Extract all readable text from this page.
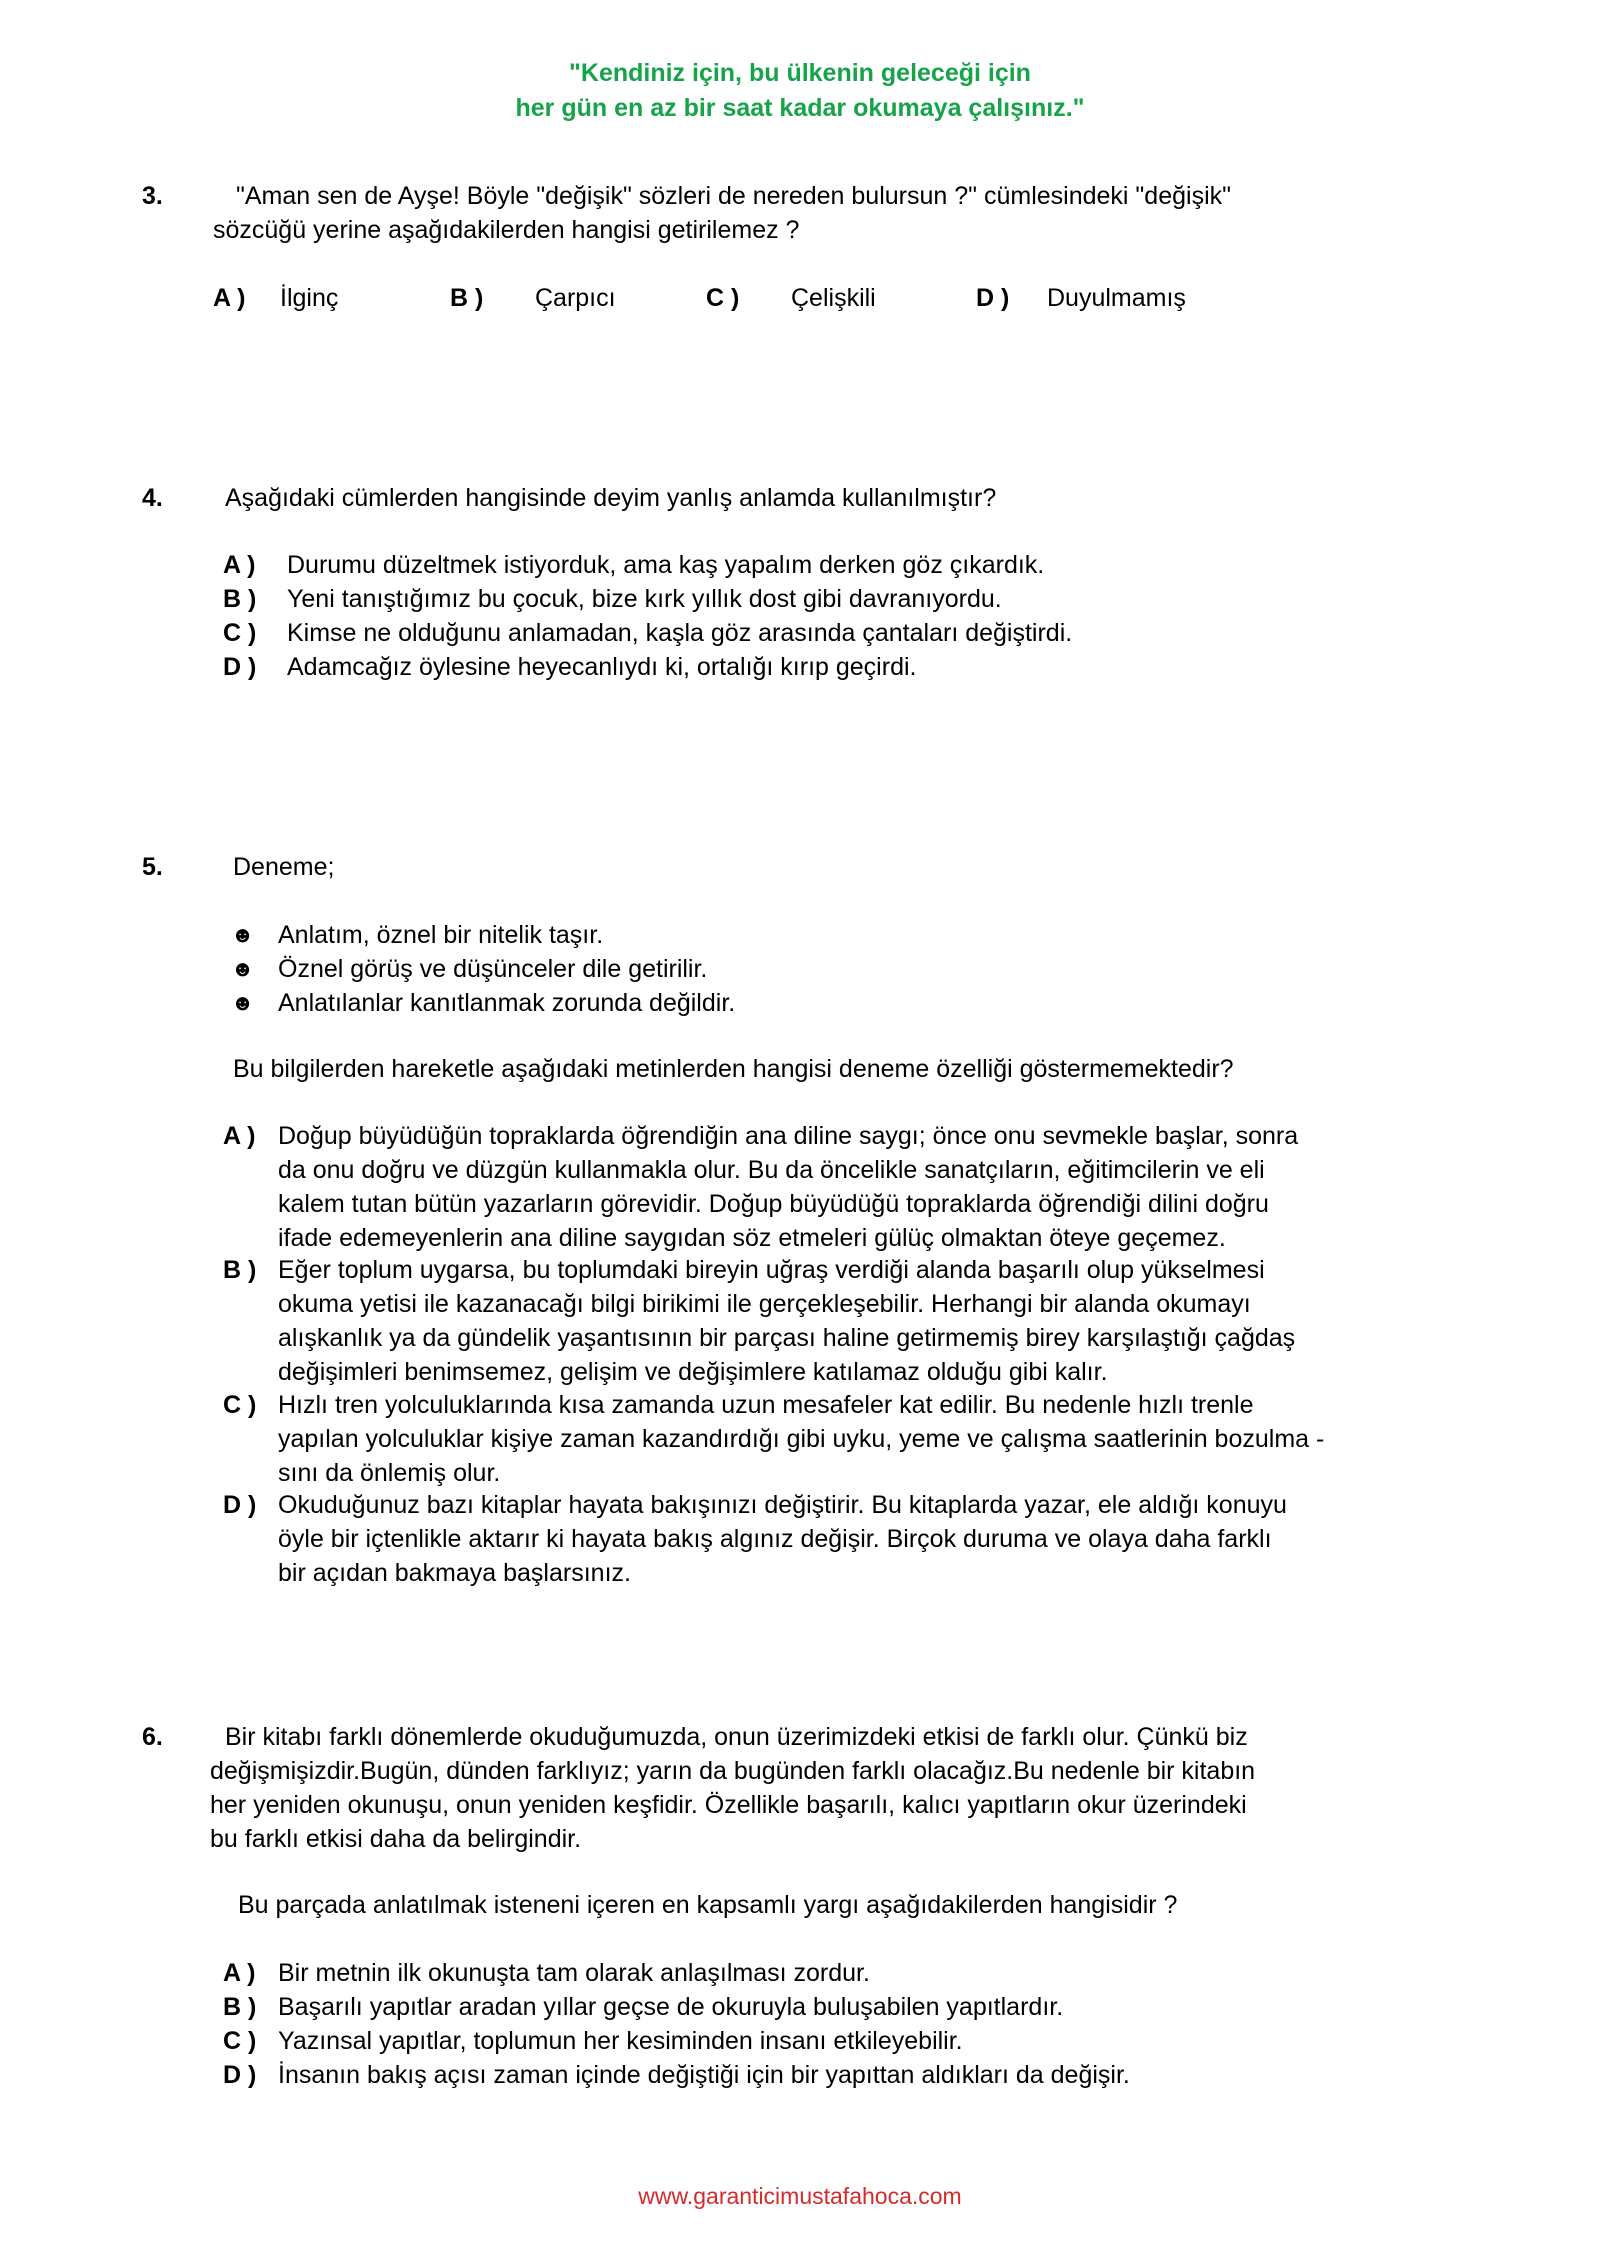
"Kendiniz için, bu ülkenin geleceği için
her gün en az bir saat kadar okumaya çalışınız."
3.	"Aman sen de Ayşe! Böyle "değişik" sözleri de nereden bulursun ?" cümlesindeki "değişik"
sözcüğü yerine aşağıdakilerden hangisi getirilemez ?
A ) İlginç	B ) Çarpıcı	C ) Çelişkili	D ) Duyulmamış
4. Aşağıdaki cümlerden hangisinde deyim yanlış anlamda kullanılmıştır?
A ) Durumu düzeltmek istiyorduk, ama kaş yapalım derken göz çıkardık.
B ) Yeni tanıştığımız bu çocuk, bize kırk yıllık dost gibi davranıyordu.
C ) Kimse ne olduğunu anlamadan, kaşla göz arasında çantaları değiştirdi.
D ) Adamcağız öylesine heyecanlıydı ki, ortalığı kırıp geçirdi.
5.	Deneme;
☻ Anlatım, öznel bir nitelik taşır.
☻ Öznel görüş ve düşünceler dile getirilir.
☻ Anlatılanlar kanıtlanmak zorunda değildir.
Bu bilgilerden hareketle aşağıdaki metinlerden hangisi deneme özelliği göstermemektedir?
A ) Doğup büyüdüğün topraklarda öğrendiğin ana diline saygı; önce onu sevmekle başlar, sonra
da onu doğru ve düzgün kullanmakla olur. Bu da öncelikle sanatçıların, eğitimcilerin ve eli
kalem tutan bütün yazarların görevidir. Doğup büyüdüğü topraklarda öğrendiği dilini doğru
ifade edemeyenlerin ana diline saygıdan söz etmeleri gülüç olmaktan öteye geçemez.
B ) Eğer toplum uygarsa, bu toplumdaki bireyin uğraş verdiği alanda başarılı olup yükselmesi
okuma yetisi ile kazanacağı bilgi birikimi ile gerçekleşebilir. Herhangi bir alanda okumayı
alışkanlık ya da gündelik yaşantısının bir parçası haline getirmemiş birey karşılaştığı çağdaş
değişimleri benimsemez, gelişim ve değişimlere katılamaz olduğu gibi kalır.
C ) Hızlı tren yolculuklarında kısa zamanda uzun mesafeler kat edilir. Bu nedenle hızlı trenle
yapılan yolculuklar kişiye zaman kazandırdığı gibi uyku, yeme ve çalışma saatlerinin bozulma -
sını da önlemiş olur.
D ) Okuduğunuz bazı kitaplar hayata bakışınızı değiştirir. Bu kitaplarda yazar, ele aldığı konuyu
öyle bir içtenlikle aktarır ki hayata bakış algınız değişir. Birçok duruma ve olaya daha farklı
bir açıdan bakmaya başlarsınız.
6. Bir kitabı farklı dönemlerde okuduğumuzda, onun üzerimizdeki etkisi de farklı olur. Çünkü biz
değişmişizdir.Bugün, dünden farklıyız; yarın da bugünden farklı olacağız.Bu nedenle bir kitabın
her yeniden okunuşu, onun yeniden keşfidir. Özellikle başarılı, kalıcı yapıtların okur üzerindeki
bu farklı etkisi daha da belirgindir.
Bu parçada anlatılmak isteneni içeren en kapsamlı yargı aşağıdakilerden hangisidir ?
A ) Bir metnin ilk okunuşta tam olarak anlaşılması zordur.
B ) Başarılı yapıtlar aradan yıllar geçse de okuruyla buluşabilen yapıtlardır.
C ) Yazınsal yapıtlar, toplumun her kesiminden insanı etkileyebilir.
D ) İnsanın bakış açısı zaman içinde değiştiği için bir yapıttan aldıkları da değişir.
www.garanticimustafahoca.com
